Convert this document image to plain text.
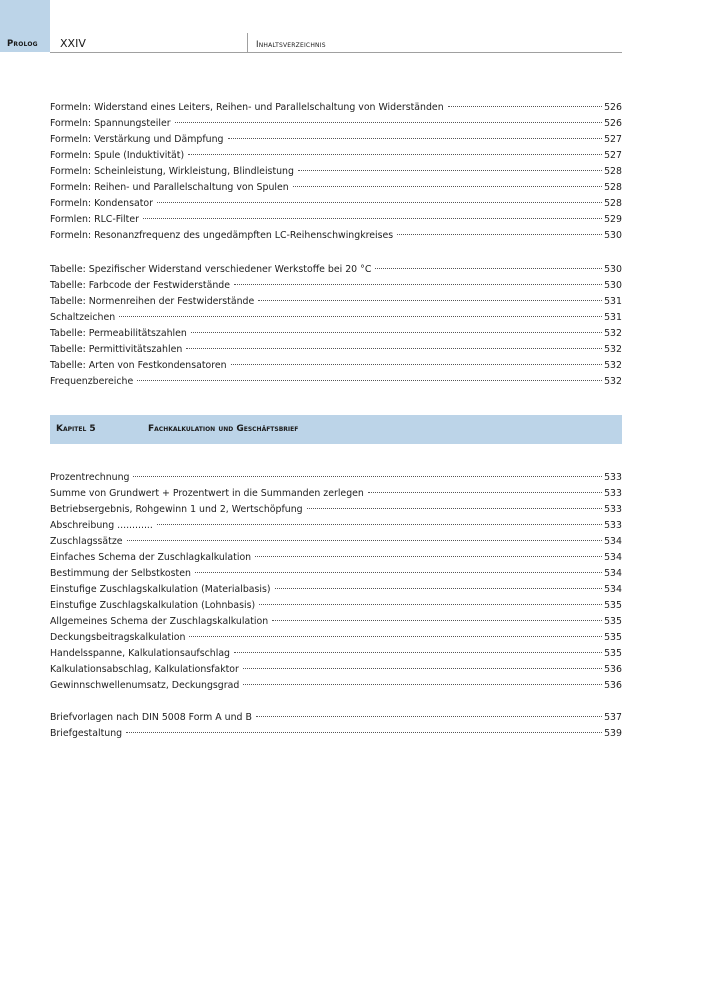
Prolog XXIV	Inhaltsverzeichnis
Formeln: Widerstand eines Leiters, Reihen- und Parallelschaltung von Widerständen	526
Formeln: Spannungsteiler	526
Formeln: Verstärkung und Dämpfung	527
Formeln: Spule (Induktivität)	527
Formeln: Scheinleistung, Wirkleistung, Blindleistung	528
Formeln: Reihen- und Parallelschaltung von Spulen	528
Formeln: Kondensator	528
Formlen: RLC-Filter	529
Formeln: Resonanzfrequenz des ungedämpften LC-Reihenschwingkreises	530
Tabelle: Spezifischer Widerstand verschiedener Werkstoffe bei 20 °C	530
Tabelle: Farbcode der Festwiderstände	530
Tabelle: Normenreihen der Festwiderstände	531
Schaltzeichen	531
Tabelle: Permeabilitätszahlen	532
Tabelle: Permittivitätszahlen	532
Tabelle: Arten von Festkondensatoren	532
Frequenzbereiche	532
Kapitel 5	Fachkalkulation und Geschäftsbrief
Prozentrechnung	533
Summe von Grundwert + Prozentwert in die Summanden zerlegen	533
Betriebsergebnis, Rohgewinn 1 und 2, Wertschöpfung	533
Abschreibung ............	533
Zuschlagssätze	534
Einfaches Schema der Zuschlagkalkulation	534
Bestimmung der Selbstkosten	534
Einstufige Zuschlagskalkulation (Materialbasis)	534
Einstufige Zuschlagskalkulation (Lohnbasis)	535
Allgemeines Schema der Zuschlagskalkulation	535
Deckungsbeitragskalkulation	535
Handelsspanne, Kalkulationsaufschlag	535
Kalkulationsabschlag, Kalkulationsfaktor	536
Gewinnschwellenumsatz, Deckungsgrad	536
Briefvorlagen nach DIN 5008 Form A und B	537
Briefgestaltung	539
